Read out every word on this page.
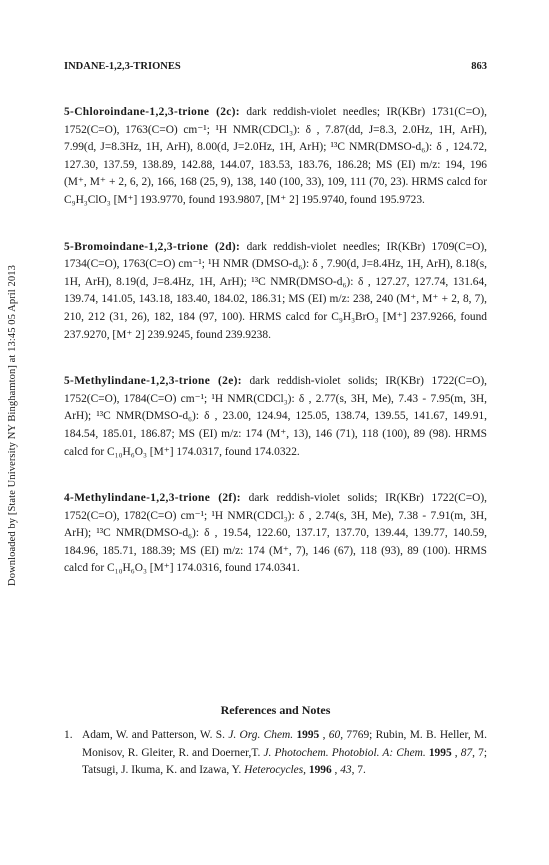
Downloaded by [State University NY Binghamton] at 13:45 05 April 2013
INDANE-1,2,3-TRIONES	863

5-Chloroindane-1,2,3-trione (2c): dark reddish-violet needles; IR(KBr) 1731(C=O), 1752(C=O), 1763(C=O) cm⁻¹; ¹H NMR(CDCl₃): δ , 7.87(dd, J=8.3, 2.0Hz, 1H, ArH), 7.99(d, J=8.3Hz, 1H, ArH), 8.00(d, J=2.0Hz, 1H, ArH); ¹³C NMR(DMSO-d₆): δ , 124.72, 127.30, 137.59, 138.89, 142.88, 144.07, 183.53, 183.76, 186.28; MS (EI) m/z: 194, 196 (M⁺, M⁺ + 2, 6, 2), 166, 168 (25, 9), 138, 140 (100, 33), 109, 111 (70, 23). HRMS calcd for C₉H₃ClO₃ [M⁺] 193.9770, found 193.9807, [M⁺ 2] 195.9740, found 195.9723.

5-Bromoindane-1,2,3-trione (2d): dark reddish-violet needles; IR(KBr) 1709(C=O), 1734(C=O), 1763(C=O) cm⁻¹; ¹H NMR (DMSO-d₆): δ , 7.90(d, J=8.4Hz, 1H, ArH), 8.18(s, 1H, ArH), 8.19(d, J=8.4Hz, 1H, ArH); ¹³C NMR(DMSO-d₆): δ , 127.27, 127.74, 131.64, 139.74, 141.05, 143.18, 183.40, 184.02, 186.31; MS (EI) m/z: 238, 240 (M⁺, M⁺ + 2, 8, 7), 210, 212 (31, 26), 182, 184 (97, 100). HRMS calcd for C₉H₃BrO₃ [M⁺] 237.9266, found 237.9270, [M⁺ 2] 239.9245, found 239.9238.

5-Methylindane-1,2,3-trione (2e): dark reddish-violet solids; IR(KBr) 1722(C=O), 1752(C=O), 1784(C=O) cm⁻¹; ¹H NMR(CDCl₃): δ , 2.77(s, 3H, Me), 7.43 - 7.95(m, 3H, ArH); ¹³C NMR(DMSO-d₆): δ , 23.00, 124.94, 125.05, 138.74, 139.55, 141.67, 149.91, 184.54, 185.01, 186.87; MS (EI) m/z: 174 (M⁺, 13), 146 (71), 118 (100), 89 (98). HRMS calcd for C₁₀H₆O₃ [M⁺] 174.0317, found 174.0322.

4-Methylindane-1,2,3-trione (2f): dark reddish-violet solids; IR(KBr) 1722(C=O), 1752(C=O), 1782(C=O) cm⁻¹; ¹H NMR(CDCl₃): δ , 2.74(s, 3H, Me), 7.38 - 7.91(m, 3H, ArH); ¹³C NMR(DMSO-d₆): δ , 19.54, 122.60, 137.17, 137.70, 139.44, 139.77, 140.59, 184.96, 185.71, 188.39; MS (EI) m/z: 174 (M⁺, 7), 146 (67), 118 (93), 89 (100). HRMS calcd for C₁₀H₆O₃ [M⁺] 174.0316, found 174.0341.

References and Notes
1. Adam, W. and Patterson, W. S. J. Org. Chem. 1995 , 60, 7769; Rubin, M. B. Heller, M. Monisov, R. Gleiter, R. and Doerner,T. J. Photochem. Photobiol. A: Chem. 1995 , 87, 7; Tatsugi, J. Ikuma, K. and Izawa, Y. Heterocycles, 1996 , 43, 7.
